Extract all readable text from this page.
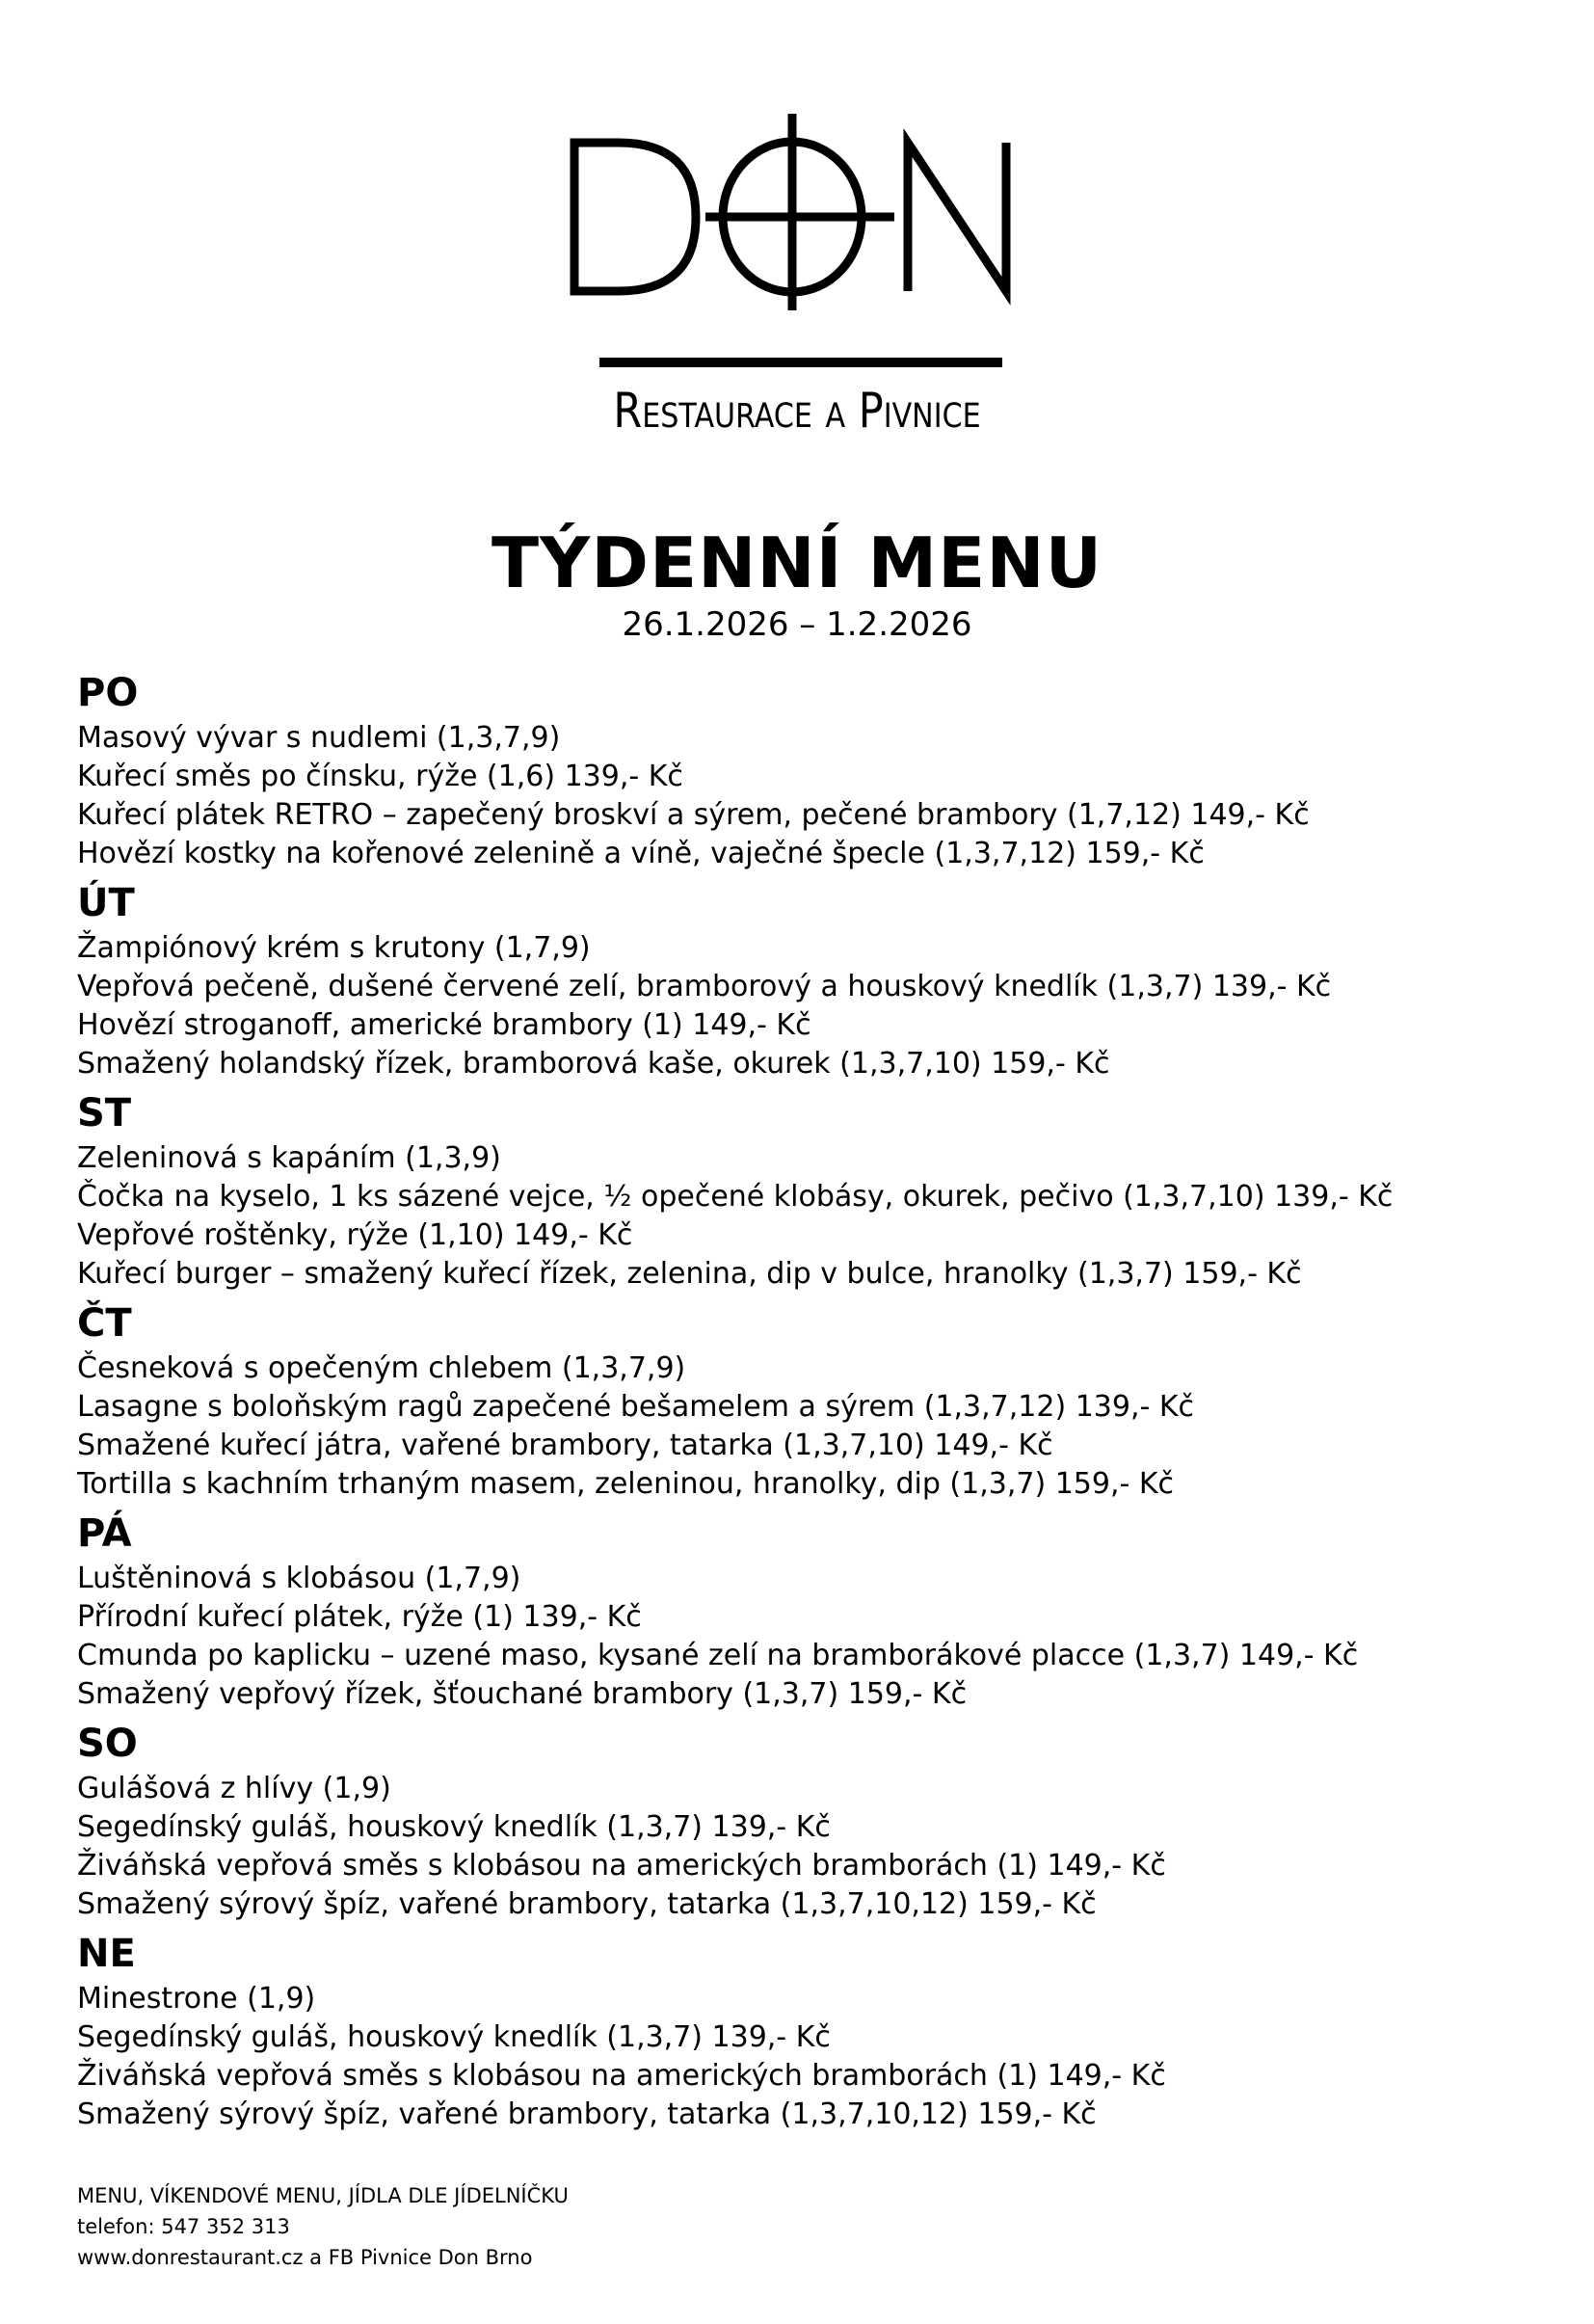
Restaurace a Pivnice
TÝDENNÍ MENU
26.1.2026 – 1.2.2026
PO
Masový vývar s nudlemi (1,3,7,9)
Kuřecí směs po čínsku, rýže (1,6) 139,- Kč
Kuřecí plátek RETRO – zapečený broskví a sýrem, pečené brambory (1,7,12) 149,- Kč
Hovězí kostky na kořenové zelenině a víně, vaječné špecle (1,3,7,12) 159,- Kč
ÚT
Žampiónový krém s krutony (1,7,9)
Vepřová pečeně, dušené červené zelí, bramborový a houskový knedlík (1,3,7) 139,- Kč
Hovězí stroganoff, americké brambory (1) 149,- Kč
Smažený holandský řízek, bramborová kaše, okurek (1,3,7,10) 159,- Kč
ST
Zeleninová s kapáním (1,3,9)
Čočka na kyselo, 1 ks sázené vejce, ½ opečené klobásy, okurek, pečivo (1,3,7,10) 139,- Kč
Vepřové roštěnky, rýže (1,10) 149,- Kč
Kuřecí burger – smažený kuřecí řízek, zelenina, dip v bulce, hranolky (1,3,7) 159,- Kč
ČT
Česneková s opečeným chlebem (1,3,7,9)
Lasagne s boloňským ragů zapečené bešamelem a sýrem (1,3,7,12) 139,- Kč
Smažené kuřecí játra, vařené brambory, tatarka (1,3,7,10) 149,- Kč
Tortilla s kachním trhaným masem, zeleninou, hranolky, dip (1,3,7) 159,- Kč
PÁ
Luštěninová s klobásou (1,7,9)
Přírodní kuřecí plátek, rýže (1) 139,- Kč
Cmunda po kaplicku – uzené maso, kysané zelí na bramborákové placce (1,3,7) 149,- Kč
Smažený vepřový řízek, šťouchané brambory (1,3,7) 159,- Kč
SO
Gulášová z hlívy (1,9)
Segedínský guláš, houskový knedlík (1,3,7) 139,- Kč
Živáňská vepřová směs s klobásou na amerických bramborách (1) 149,- Kč
Smažený sýrový špíz, vařené brambory, tatarka (1,3,7,10,12) 159,- Kč
NE
Minestrone (1,9)
Segedínský guláš, houskový knedlík (1,3,7) 139,- Kč
Živáňská vepřová směs s klobásou na amerických bramborách (1) 149,- Kč
Smažený sýrový špíz, vařené brambory, tatarka (1,3,7,10,12) 159,- Kč
MENU, VÍKENDOVÉ MENU, JÍDLA DLE JÍDELNÍČKU
telefon: 547 352 313
www.donrestaurant.cz a FB Pivnice Don Brno
